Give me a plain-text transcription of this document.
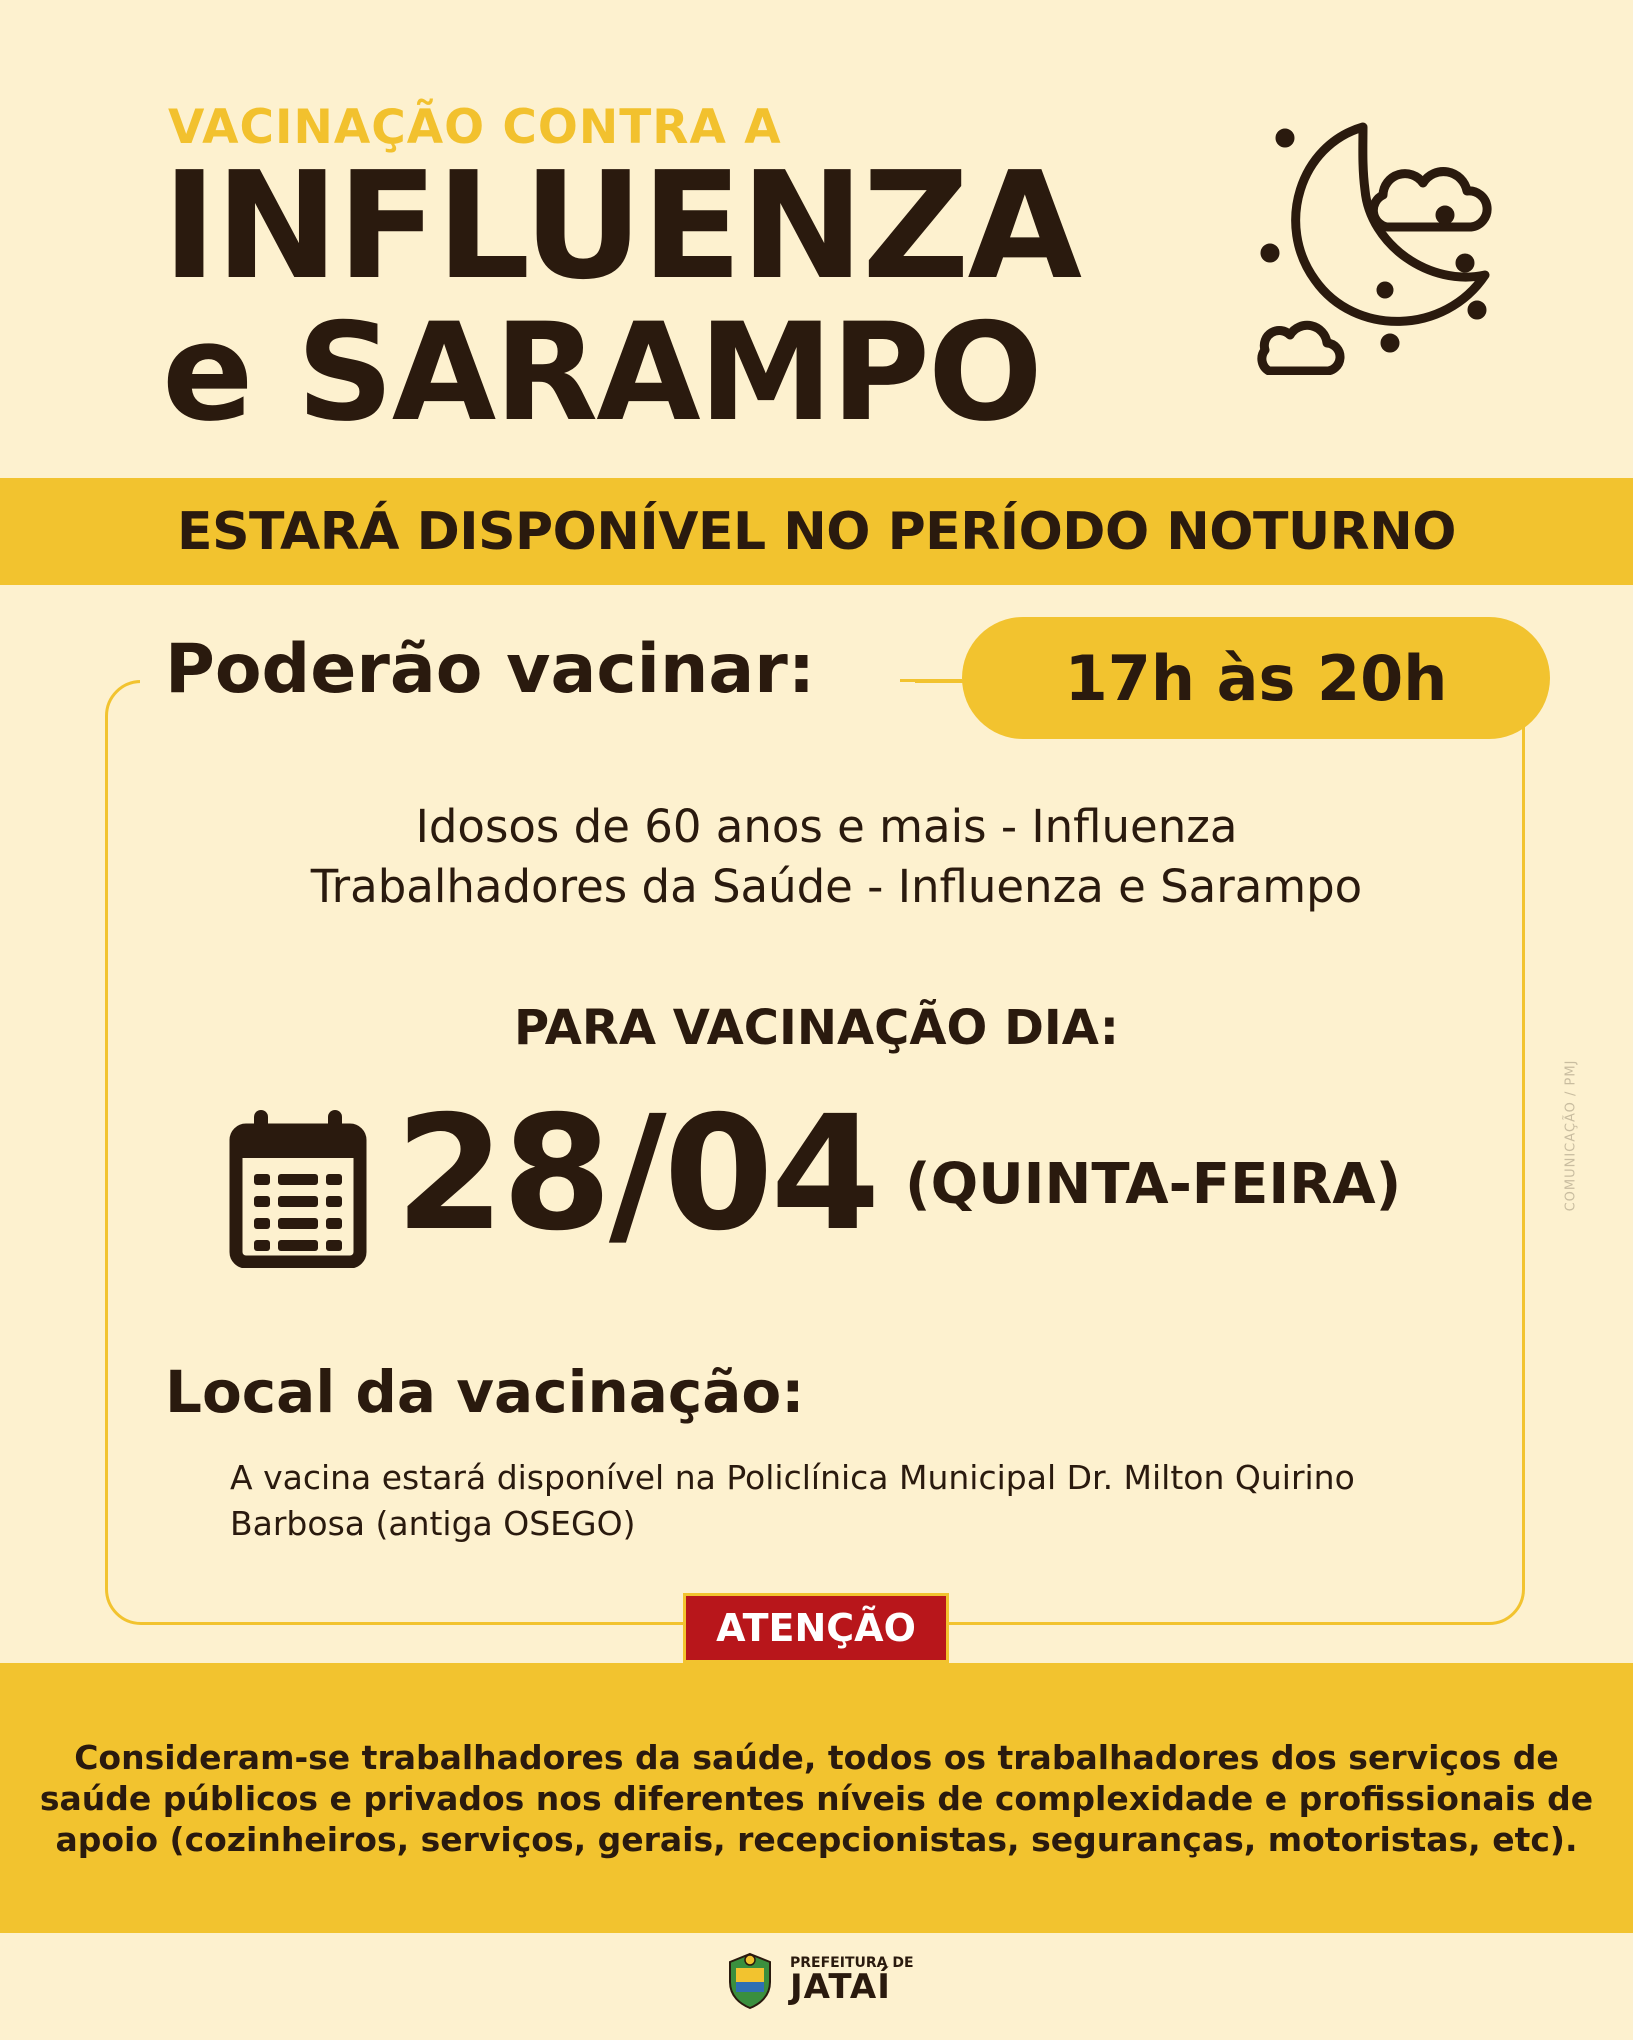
VACINAÇÃO CONTRA A
INFLUENZA
e SARAMPO
ESTARÁ DISPONÍVEL NO PERÍODO NOTURNO
Poderão vacinar:	17h às 20h
Idosos de 60 anos e mais - Influenza
Trabalhadores da Saúde - Influenza e Sarampo
PARA VACINAÇÃO DIA:
28/04 (QUINTA-FEIRA)
Local da vacinação:
A vacina estará disponível na Policlínica Municipal Dr. Milton Quirino Barbosa (antiga OSEGO)
ATENÇÃO

Consideram-se trabalhadores da saúde, todos os trabalhadores dos serviços de saúde públicos e privados nos diferentes níveis de complexidade e profissionais de apoio (cozinheiros, serviços, gerais, recepcionistas, seguranças, motoristas, etc).

COMUNICAÇÃO / PMJ
PREFEITURA DE
JATAÍ
